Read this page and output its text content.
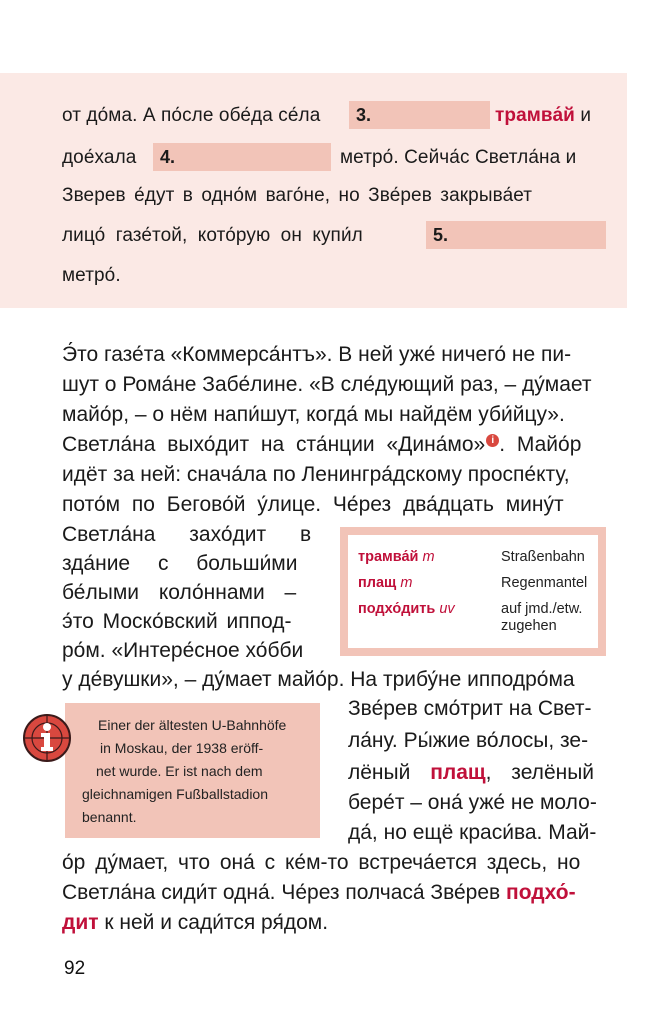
от до́ма. А по́сле обе́да се́ла	3.	трамва́й и
дое́хала	4.	метро́. Сейча́с Светла́на и
Зверев е́дут в одно́м ваго́не, но Зве́рев закрыва́ет
лицо́ газе́той, кото́рую он купи́л	5.
метро́.
Э́то газе́та «Коммерса́нтъ». В ней уже́ ничего́ не пи-
шут о Рома́не Забе́лине. «В сле́дующий раз, – ду́мает
майо́р, – о нём напи́шут, когда́ мы найдём уби́йцу».
Светла́на выхо́дит на ста́нции «Дина́мо» i . Майо́р
идёт за ней: снача́ла по Ленингра́дскому проспе́кту,
пото́м по Бегово́й у́лице. Че́рез два́дцать мину́т
Светла́на захо́дит в
зда́ние с больши́ми
бе́лыми коло́ннами –
э́то Моско́вский иппод-
ро́м. «Интере́сное хо́бби
у де́вушки», – ду́мает майо́р. На трибу́не ипподро́ма
Зве́рев смо́трит на Свет-
ла́ну. Ры́жие во́лосы, зе-
лёный плащ, зелёный
бере́т – она́ уже́ не моло-
да́, но ещё краси́ва. Май-
о́р ду́мает, что она́ с ке́м-то встреча́ется здесь, но
Светла́на сиди́т одна́. Че́рез полчаса́ Зве́рев подхо́-
дит к ней и сади́тся ря́дом.
трамва́й m	Straßenbahn
плащ m	Regenmantel
подхо́дить uv	auf jmd./etw.
zugehen
Einer der ältesten U-Bahnhöfe
in Moskau, der 1938 eröff-
net wurde. Er ist nach dem
gleichnamigen Fußballstadion
benannt.
92
